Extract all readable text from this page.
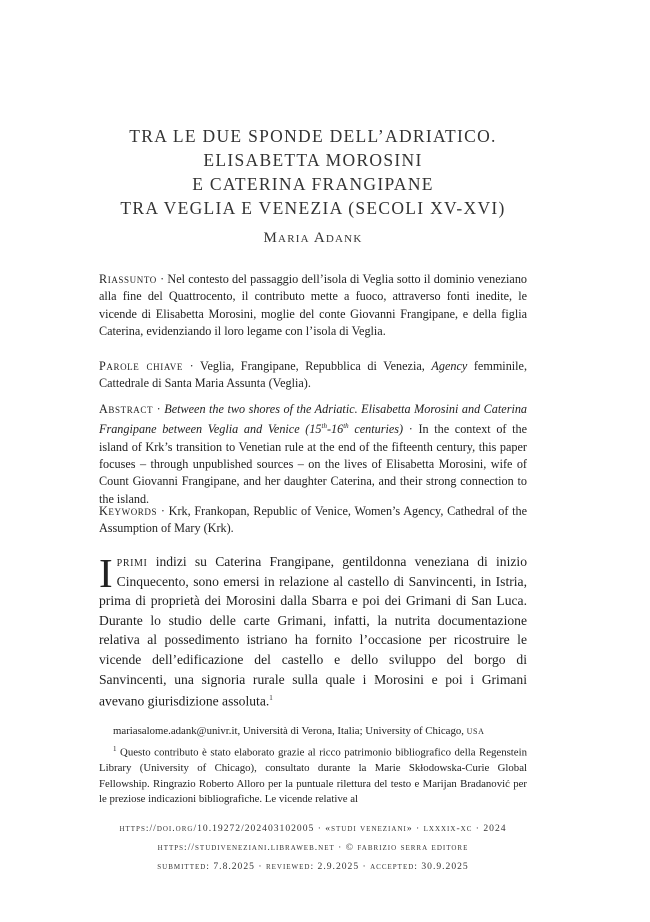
TRA LE DUE SPONDE DELL’ADRIATICO.
ELISABETTA MOROSINI
E CATERINA FRANGIPANE
TRA VEGLIA E VENEZIA (SECOLI XV-XVI)
Maria Adank
Riassunto · Nel contesto del passaggio dell’isola di Veglia sotto il dominio veneziano alla fine del Quattrocento, il contributo mette a fuoco, attraverso fonti inedite, le vicende di Elisabetta Morosini, moglie del conte Giovanni Frangipane, e della figlia Caterina, evidenziando il loro legame con l’isola di Veglia.
Parole chiave · Veglia, Frangipane, Repubblica di Venezia, Agency femminile, Cattedrale di Santa Maria Assunta (Veglia).
Abstract · Between the two shores of the Adriatic. Elisabetta Morosini and Caterina Frangipane between Veglia and Venice (15th-16th centuries) · In the context of the island of Krk’s transition to Venetian rule at the end of the fifteenth century, this paper focuses – through unpublished sources – on the lives of Elisabetta Morosini, wife of Count Giovanni Frangipane, and her daughter Caterina, and their strong connection to the island.
Keywords · Krk, Frankopan, Republic of Venice, Women’s Agency, Cathedral of the Assumption of Mary (Krk).
Iprimi indizi su Caterina Frangipane, gentildonna veneziana di inizio Cinquecento, sono emersi in relazione al castello di Sanvincenti, in Istria, prima di proprietà dei Morosini dalla Sbarra e poi dei Grimani di San Luca. Durante lo studio delle carte Grimani, infatti, la nutrita documentazione relativa al possedimento istriano ha fornito l’occasione per ricostruire le vicende dell’edificazione del castello e dello sviluppo del borgo di Sanvincenti, una signoria rurale sulla quale i Morosini e poi i Grimani avevano giurisdizione assoluta.$^1$
mariasalome.adank@univr.it, Università di Verona, Italia; University of Chicago, usa
$^1$ Questo contributo è stato elaborato grazie al ricco patrimonio bibliografico della Regenstein Library (University of Chicago), consultato durante la Marie Skłodowska-Curie Global Fellowship. Ringrazio Roberto Alloro per la puntuale rilettura del testo e Marijan Bradanović per le preziose indicazioni bibliografiche. Le vicende relative al
https://doi.org/10.19272/202403102005 · «studi veneziani» · lxxxix-xc · 2024
https://studiveneziani.libraweb.net · © fabrizio serra editore
submitted: 7.8.2025 · reviewed: 2.9.2025 · accepted: 30.9.2025
